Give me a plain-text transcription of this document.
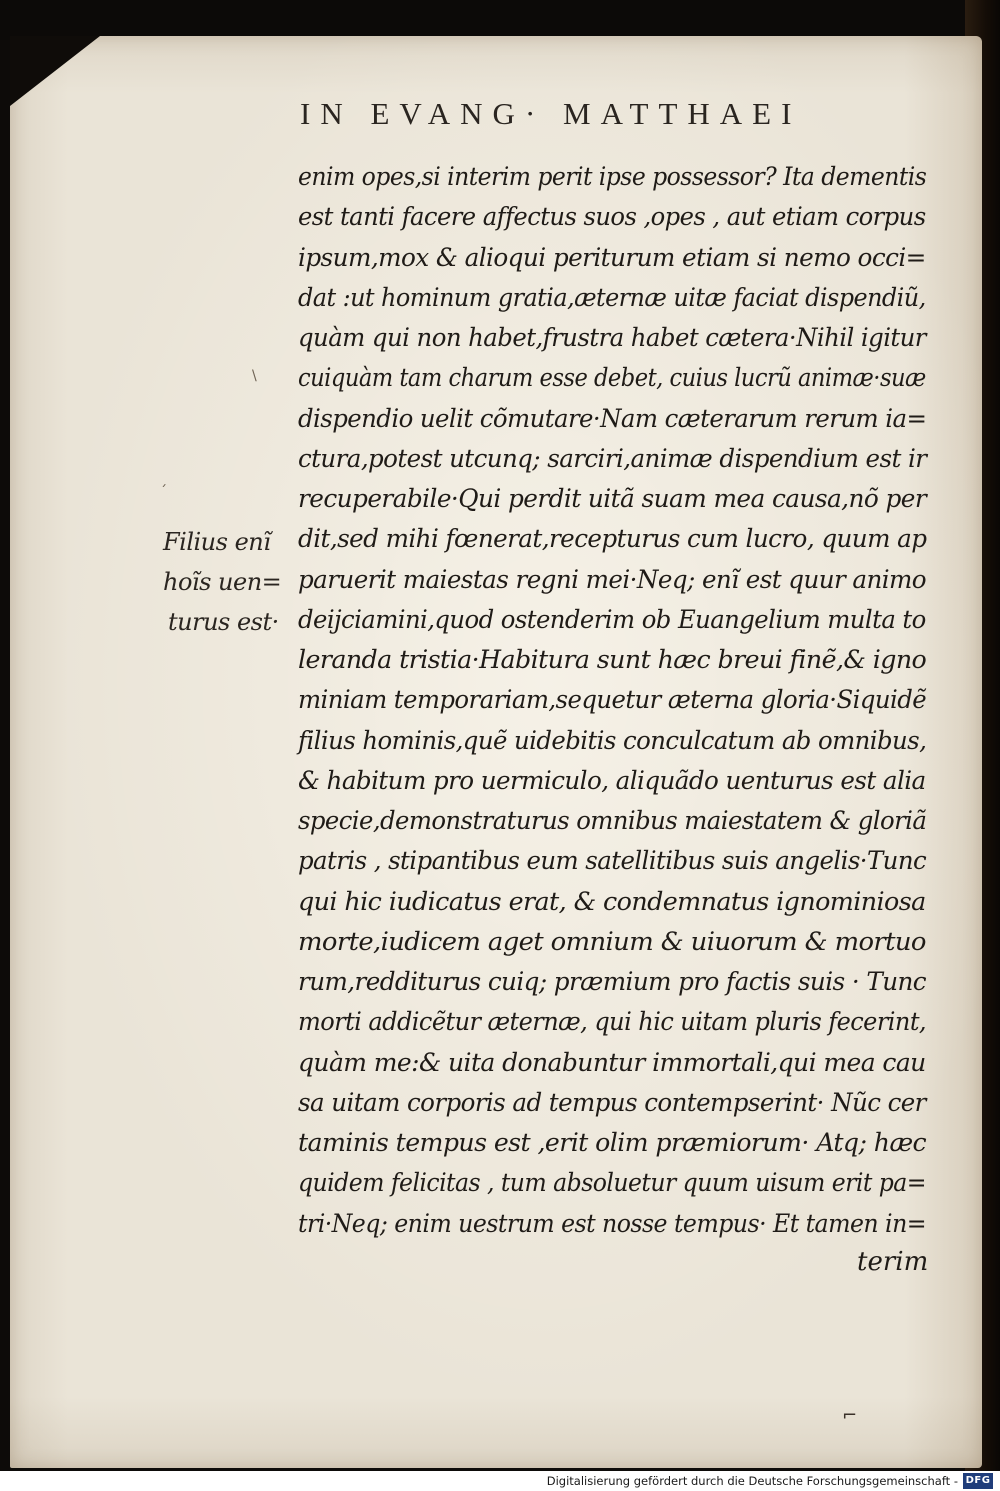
IN EVANG· MATTHAEI
enim opes,si interim perit ipse possessor? Ita dementis
est tanti facere affectus suos ,opes , aut etiam corpus
ipsum,mox & alioqui periturum etiam si nemo occi=
dat :ut hominum gratia,æternæ uitæ faciat dispendiũ,
quàm qui non habet,frustra habet cætera·Nihil igitur
cuiquàm tam charum esse debet, cuius lucrũ animæ·suæ
dispendio uelit cõmutare·Nam cæterarum rerum ia=
ctura,potest utcunq; sarciri,animæ dispendium est ir
recuperabile·Qui perdit uitã suam mea causa,nõ per
dit,sed mihi fœnerat,recepturus cum lucro, quum ap
paruerit maiestas regni mei·Neq; enĩ est quur animo
deijciamini,quod ostenderim ob Euangelium multa to
leranda tristia·Habitura sunt hæc breui finẽ,& igno
miniam temporariam,sequetur æterna gloria·Siquidẽ
filius hominis,quẽ uidebitis conculcatum ab omnibus,
& habitum pro uermiculo, aliquãdo uenturus est alia
specie,demonstraturus omnibus maiestatem & gloriã
patris , stipantibus eum satellitibus suis angelis·Tunc
qui hic iudicatus erat, & condemnatus ignominiosa
morte,iudicem aget omnium & uiuorum & mortuo
rum,redditurus cuiq; præmium pro factis suis · Tunc
morti addicẽtur æternæ, qui hic uitam pluris fecerint,
quàm me:& uita donabuntur immortali,qui mea cau
sa uitam corporis ad tempus contempserint· Nũc cer
taminis tempus est ,erit olim præmiorum· Atq; hæc
quidem felicitas , tum absoluetur quum uisum erit pa=
tri·Neq; enim uestrum est nosse tempus· Et tamen in=
terim
Filius enĩ
hoĩs uen=
turus est·
\
´
⌐
Digitalisierung gefördert durch die Deutsche Forschungsgemeinschaft - DFG
